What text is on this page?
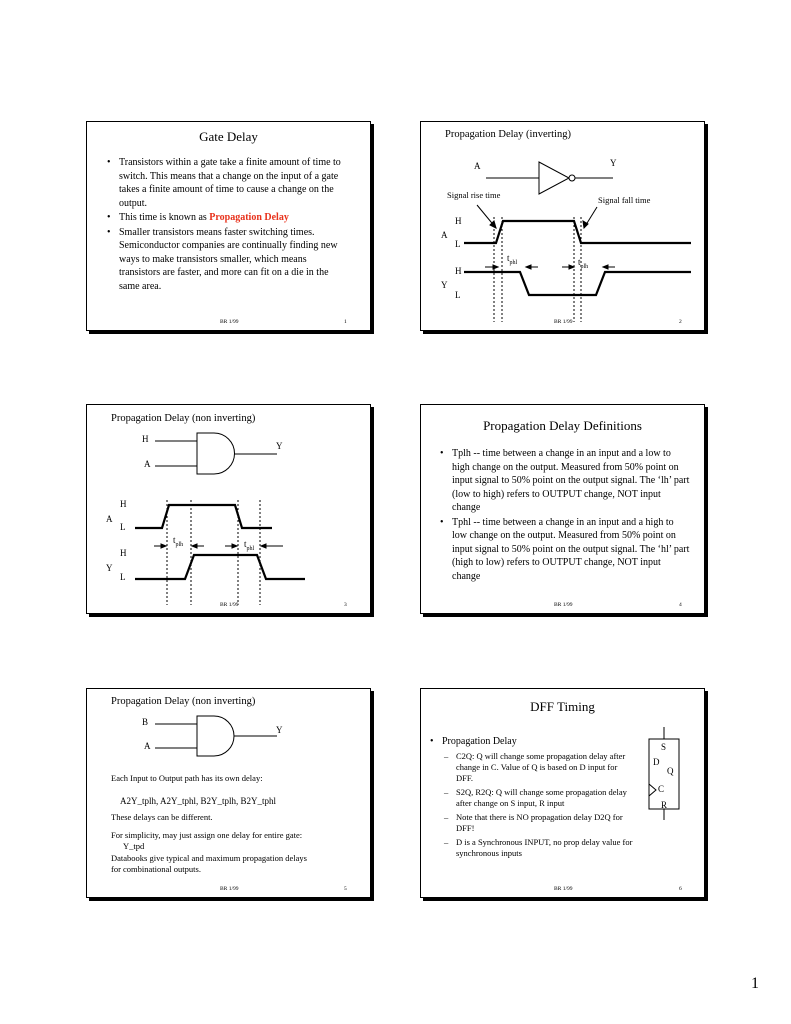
Gate Delay
• Transistors within a gate take a finite amount of time to switch. This means that a change on the input of a gate takes a finite amount of time to cause a change on the output.
• This time is known as Propagation Delay
• Smaller transistors means faster switching times. Semiconductor companies are continually finding new ways to make transistors smaller, which means transistors are faster, and more can fit on a die in the same area.
BR 1/99	1
Propagation Delay (inverting)
A	Y
Signal rise time	Signal fall time
H
A
L
H
Y
L
$t_{phl}$	$t_{plh}$
BR 1/99	2
Propagation Delay (non inverting)
H
A
Y
H
A
L
H
Y
L
$t_{plh}$	$t_{phl}$
BR 1/99	3
Propagation Delay Definitions
• Tplh -- time between a change in an input and a low to high change on the output. Measured from 50% point on input signal to 50% point on the output signal. The ‘lh’ part (low to high) refers to OUTPUT change, NOT input change
• Tphl -- time between a change in an input and a high to low change on the output. Measured from 50% point on input signal to 50% point on the output signal. The ‘hl’ part (high to low) refers to OUTPUT change, NOT input change
BR 1/99	4
Propagation Delay (non inverting)
B
A
Y
Each Input to Output path has its own delay:
A2Y_tplh, A2Y_tphl, B2Y_tplh, B2Y_tphl
These delays can be different.
For simplicity, may just assign one delay for entire gate:
Y_tpd
Databooks give typical and maximum propagation delays
for combinational outputs.
BR 1/99	5
DFF Timing
• Propagation Delay
– C2Q: Q will change some propagation delay after change in C. Value of Q is based on D input for DFF.
– S2Q, R2Q: Q will change some propagation delay after change on S input, R input
– Note that there is NO propagation delay D2Q for DFF!
– D is a Synchronous INPUT, no prop delay value for synchronous inputs
S
D
Q
C
R
BR 1/99	6
1
